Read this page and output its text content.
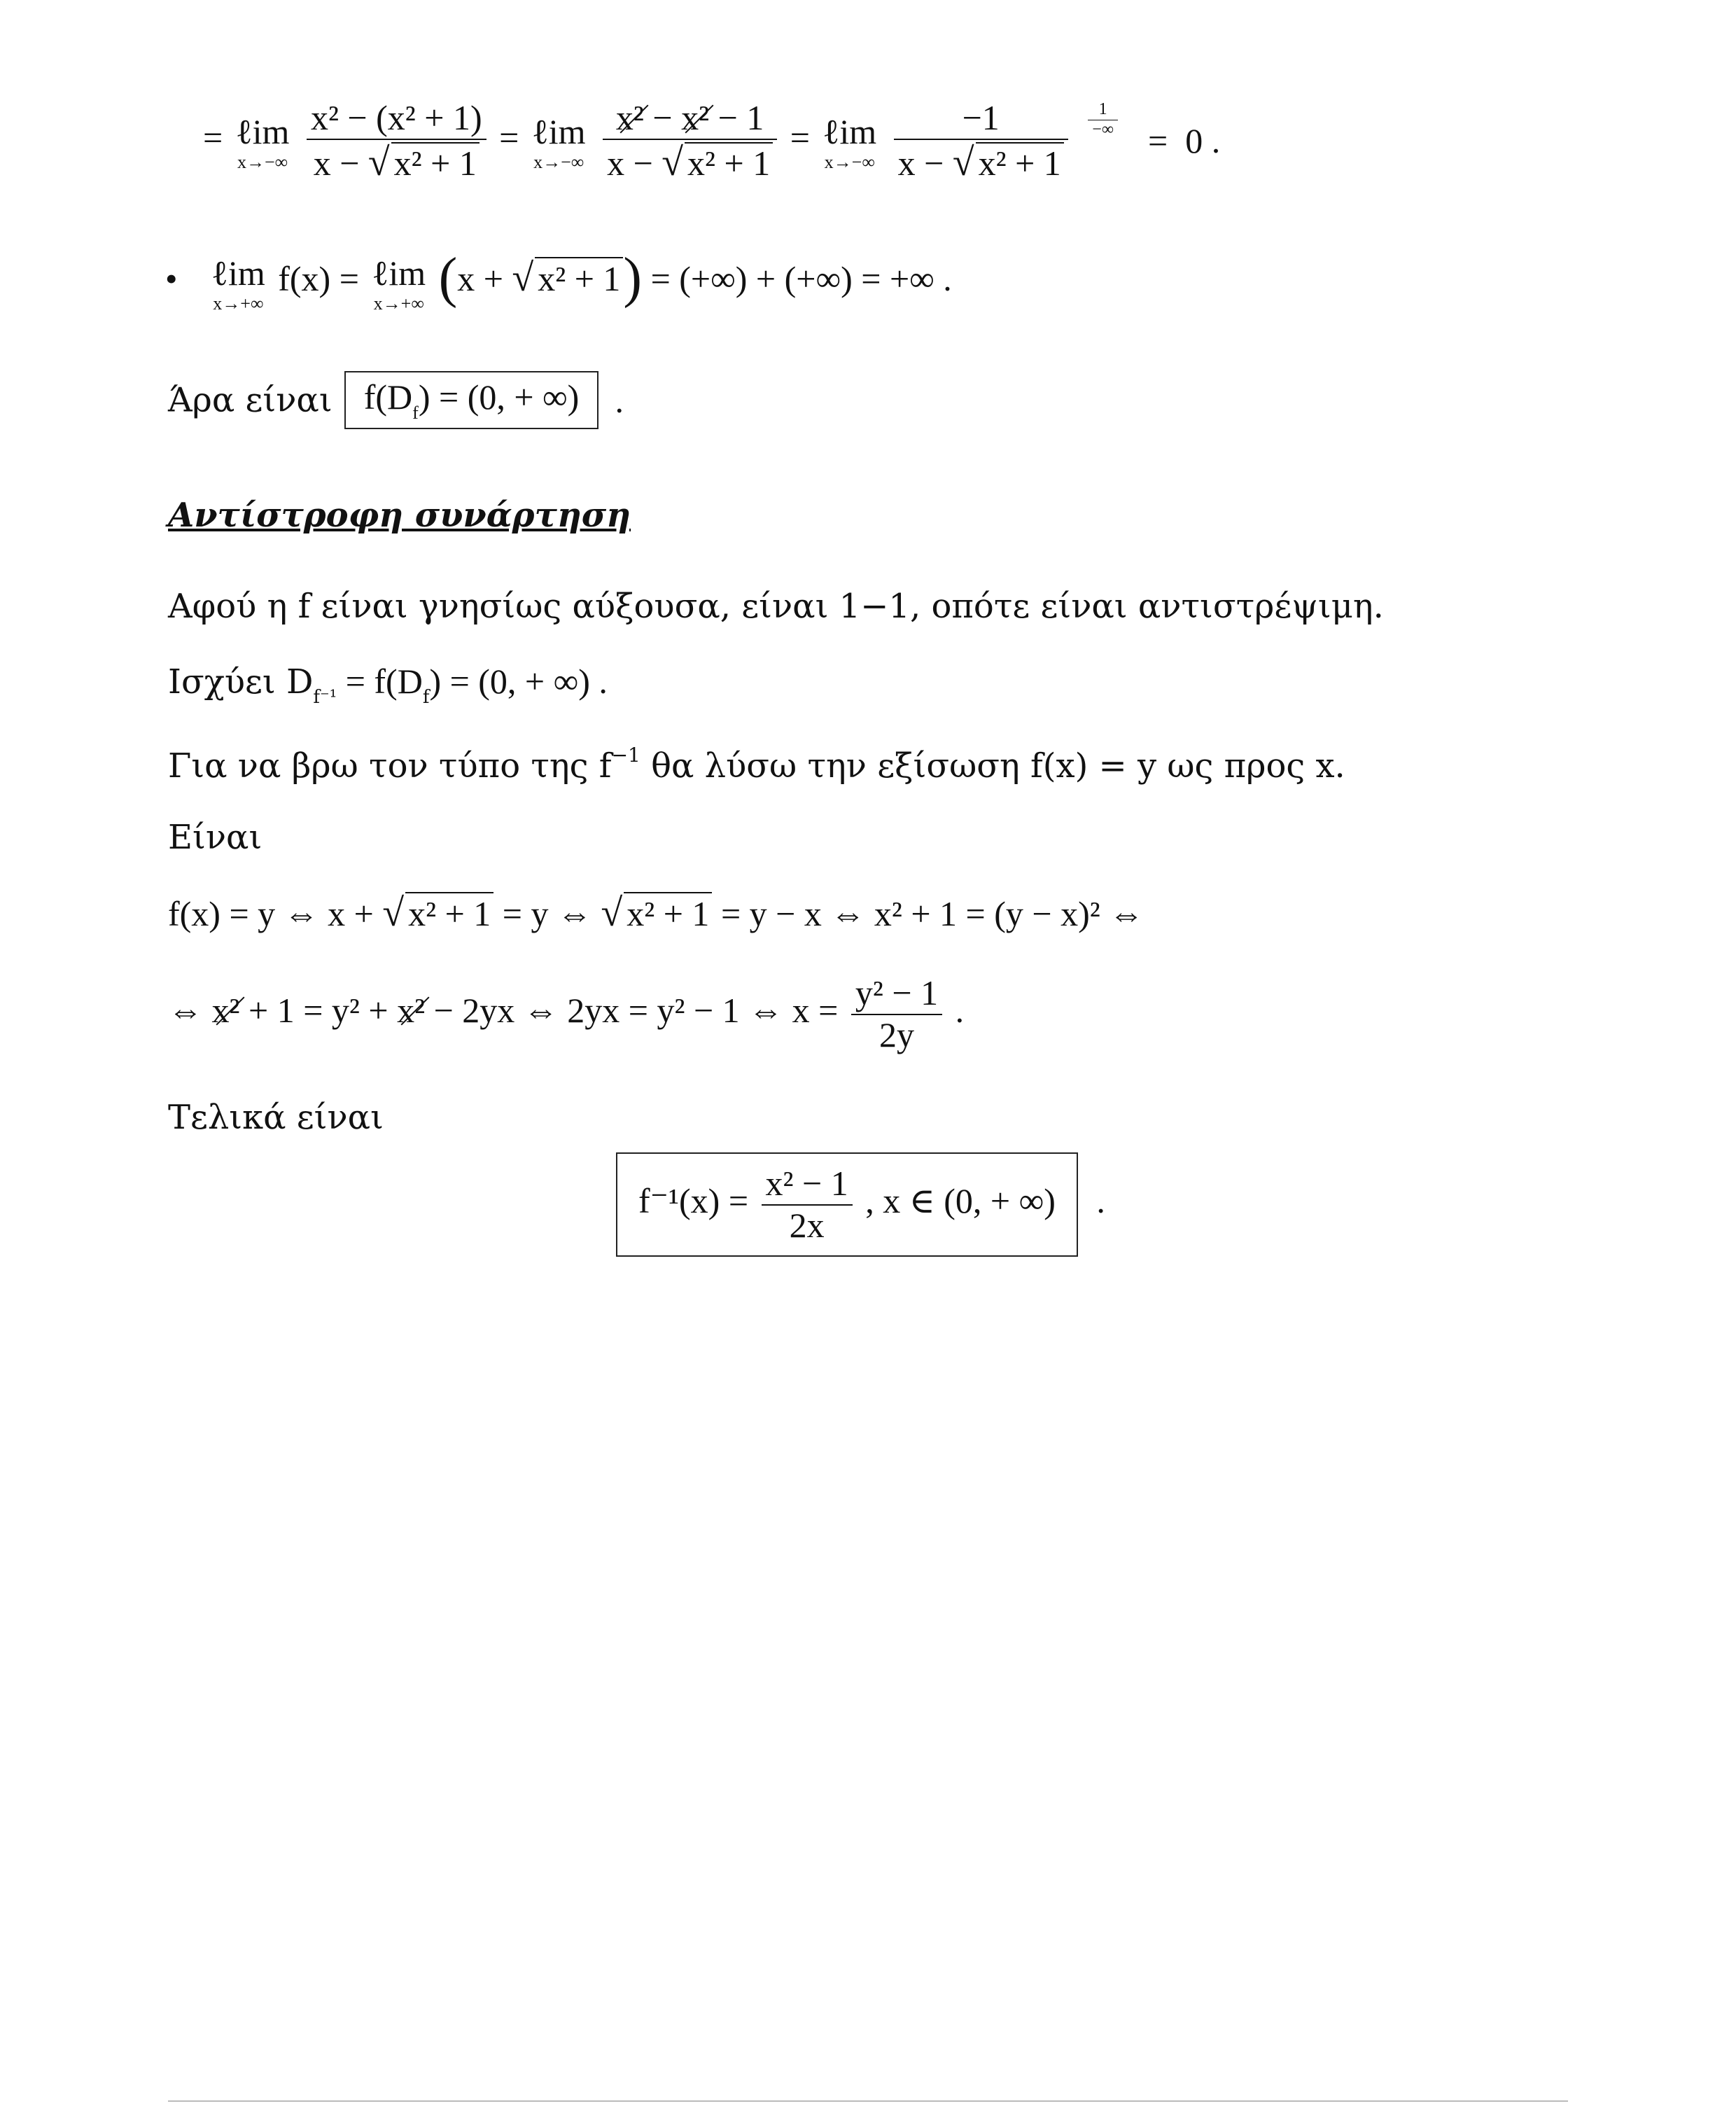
= ℓim
x→−∞
$\frac{\text{x² − (x² + 1)}}{\text{x − √ x² + 1}}$ = ℓim
x→−∞
$\frac{\text{x² − x² − 1}}{\text{x − √ x² + 1}}$ = ℓim
x→−∞
$\frac{-1}{\text{x − √ x² + 1}}$
$\frac{1}{-\infty}$
= 0 .
• ℓim
x→+∞
f(x) = ℓim
x→+∞ (x + √ x² + 1) = (+∞) + (+∞) = +∞ .
Άρα είναι $f(D_f) = (0$, + ∞) .
Αντίστροφη συνάρτηση
Αφού η f είναι γνησίως αύξουσα, είναι 1−1, οπότε είναι αντιστρέψιμη.
Ισχύει $D_{f^{-1}} = f(D_f) = (0$, + ∞) .
Για να βρω τον τύπο της $f^{-1}$ θα λύσω την εξίσωση f(x) = y ως προς x.
Είναι
f(x) = y ⇔ x + √ x² + 1 = y ⇔ √ x² + 1 = y − x ⇔ x² + 1 = (y − x)² ⇔
⇔ x² + 1 = y² + x² − 2yx ⇔ 2yx = y² − 1 ⇔ $x = \frac{\text{y² − 1}}{2y}$ .
Τελικά είναι
$f^{-1}(x) = \frac{\text{x² − 1}}{2x}$ , x ∈ (0, + ∞) .
